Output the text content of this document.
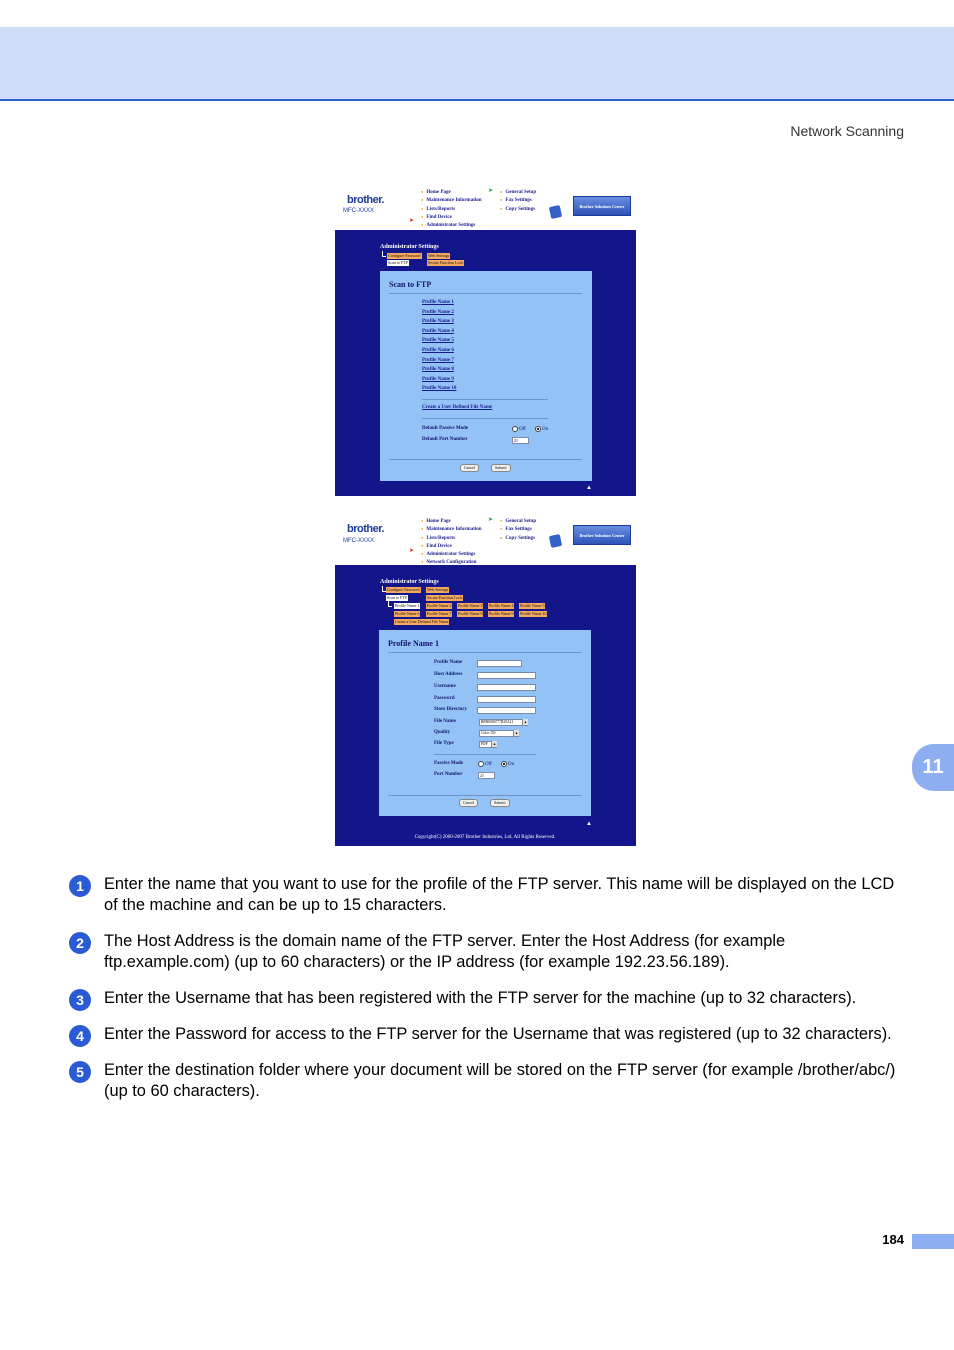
Network Scanning
11
brother.
MFC-XXXX
➤
● Home Page
● Maintenance Information
● Lists/Reports
● Find Device
● Administrator Settings
●
➤	● General Setup
● Fax Settings
● Copy Settings
Brother Solutions Center
Administrator Settings
Configure Password Web Settings
Scan to FTP	Secure Function Lock
Scan to FTP
Profile Name 1
Profile Name 2
Profile Name 3
Profile Name 4
Profile Name 5
Profile Name 6
Profile Name 7
Profile Name 8
Profile Name 9
Profile Name 10
Create a User Defined File Name
Default Passive Mode	Off	On
Default Port Number	21
Cancel	Submit
▲
brother.
MFC-XXXX
➤
● Home Page
● Maintenance Information
● Lists/Reports
● Find Device
● Administrator Settings
● Network Configuration
➤	● General Setup
● Fax Settings
● Copy Settings
Brother Solutions Center
Administrator Settings
Configure Password Web Settings
Scan to FTP	Secure Function Lock
Profile Name 1 Profile Name 2 Profile Name 3 Profile Name 4 Profile Name 5
Profile Name 6 Profile Name 7 Profile Name 8 Profile Name 9 Profile Name 10
Create a User Defined File Name
Profile Name 1
Profile Name
Host Address
Username
Password
Store Directory
File Name	BRN0080777B29A21 ▴
Quality	Color 150 ▴
File Type	PDF ▴
Passive Mode	Off	On
Port Number	21
Cancel	Submit
▲
Copyright(C) 2000-2007 Brother Industries, Ltd. All Rights Reserved.
1	Enter the name that you want to use for the profile of the FTP server. This name will be displayed on the LCD of the machine and can be up to 15 characters.
2	The Host Address is the domain name of the FTP server. Enter the Host Address (for example ftp.example.com) (up to 60 characters) or the IP address (for example 192.23.56.189).
3	Enter the Username that has been registered with the FTP server for the machine (up to 32 characters).
4	Enter the Password for access to the FTP server for the Username that was registered (up to 32 characters).
5	Enter the destination folder where your document will be stored on the FTP server (for example /brother/abc/) (up to 60 characters).
184
